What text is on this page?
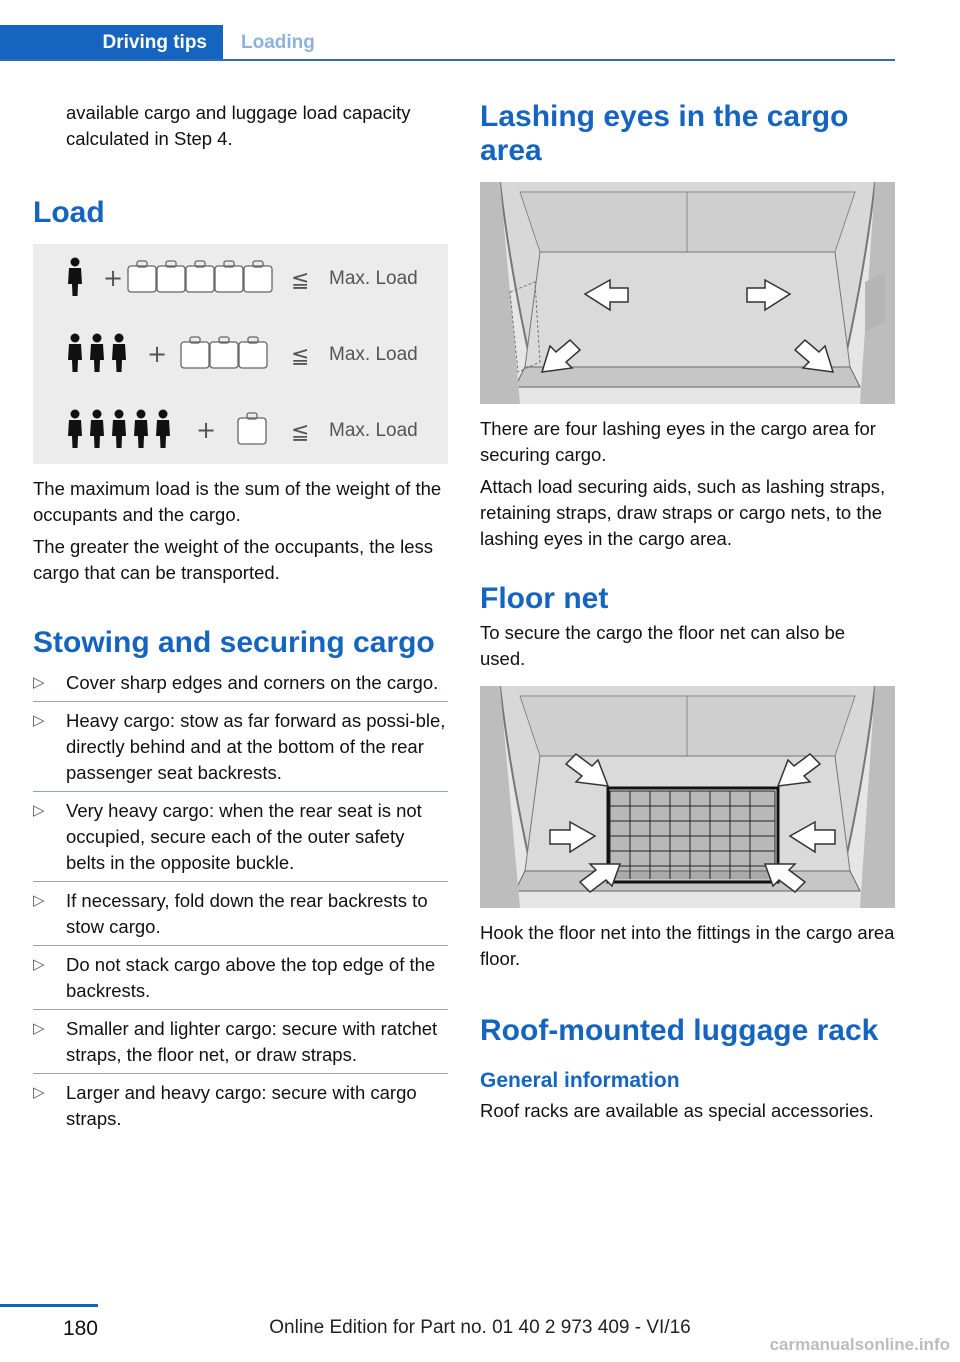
Driving tips	Loading

available cargo and luggage load capacity calculated in Step 4.

Load
+	≦ Max. Load
+	≦ Max. Load
+	≦ Max. Load

The maximum load is the sum of the weight of the occupants and the cargo.

The greater the weight of the occupants, the less cargo that can be transported.

Stowing and securing cargo
▷ Cover sharp edges and corners on the cargo.
▷ Heavy cargo: stow as far forward as possi‐ble, directly behind and at the bottom of the rear passenger seat backrests.
▷ Very heavy cargo: when the rear seat is not occupied, secure each of the outer safety belts in the opposite buckle.
▷ If necessary, fold down the rear backrests to stow cargo.
▷ Do not stack cargo above the top edge of the backrests.
▷ Smaller and lighter cargo: secure with ratchet straps, the floor net, or draw straps.
▷ Larger and heavy cargo: secure with cargo straps.
Lashing eyes in the cargo area

There are four lashing eyes in the cargo area for securing cargo.

Attach load securing aids, such as lashing straps, retaining straps, draw straps or cargo nets, to the lashing eyes in the cargo area.

Floor net

To secure the cargo the floor net can also be used.

Hook the floor net into the fittings in the cargo area floor.

Roof-mounted luggage rack
General information

Roof racks are available as special accessories.

180	Online Edition for Part no. 01 40 2 973 409 - VI/16
carmanualsonline.info
